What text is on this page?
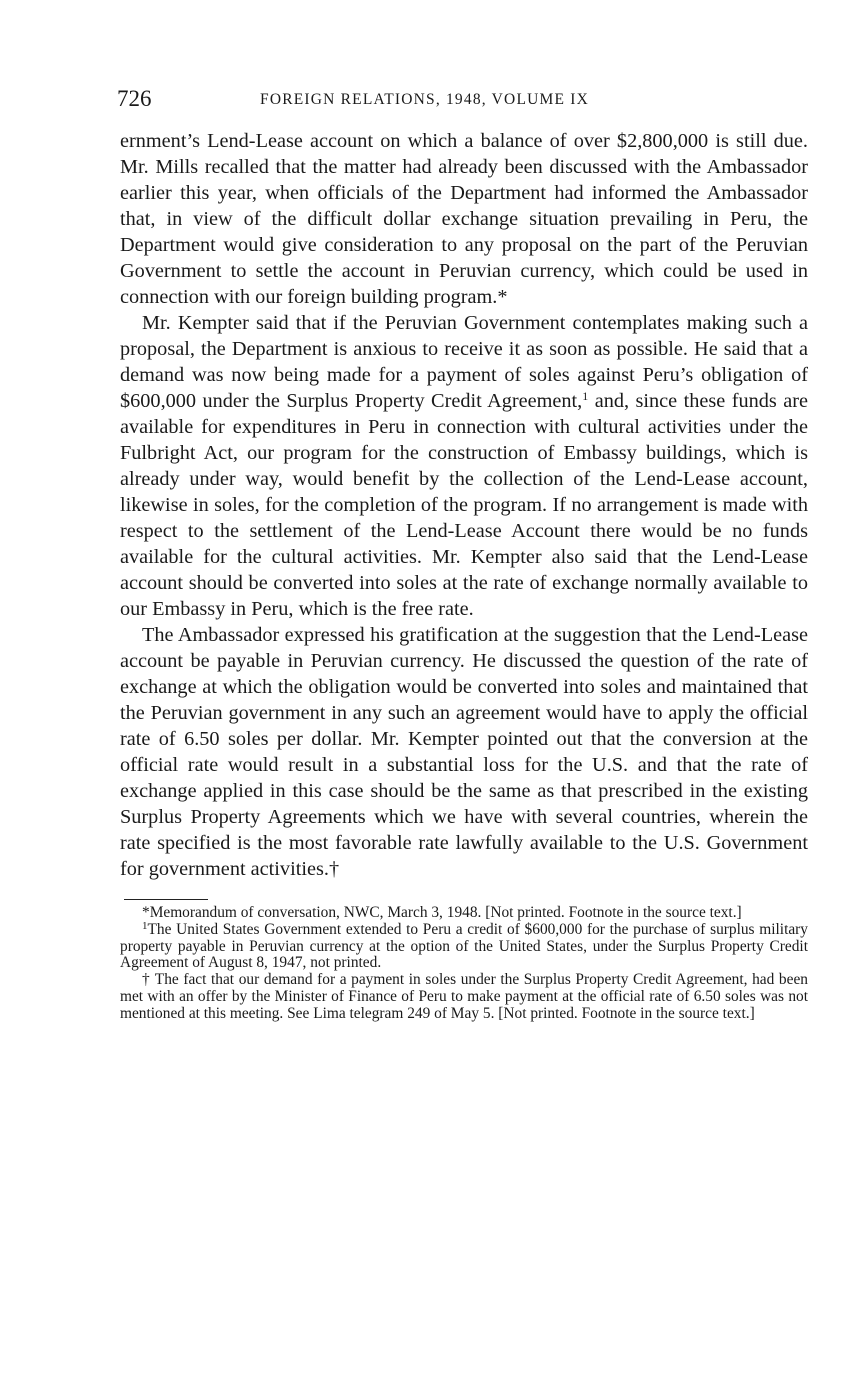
726	FOREIGN RELATIONS, 1948, VOLUME IX

ernment’s Lend-Lease account on which a balance of over $2,800,000 is still due. Mr. Mills recalled that the matter had already been discussed with the Ambassador earlier this year, when officials of the Department had informed the Ambassador that, in view of the difficult dollar exchange situation prevailing in Peru, the Department would give consideration to any proposal on the part of the Peruvian Government to settle the account in Peruvian currency, which could be used in connection with our foreign building program.*

Mr. Kempter said that if the Peruvian Government contemplates making such a proposal, the Department is anxious to receive it as soon as possible. He said that a demand was now being made for a payment of soles against Peru’s obligation of $600,000 under the Surplus Property Credit Agreement,$^1$ and, since these funds are available for expenditures in Peru in connection with cultural activities under the Fulbright Act, our program for the construction of Embassy buildings, which is already under way, would benefit by the collection of the Lend-Lease account, likewise in soles, for the completion of the program. If no arrangement is made with respect to the settlement of the Lend-Lease Account there would be no funds available for the cultural activities. Mr. Kempter also said that the Lend-Lease account should be converted into soles at the rate of exchange normally available to our Embassy in Peru, which is the free rate.

The Ambassador expressed his gratification at the suggestion that the Lend-Lease account be payable in Peruvian currency. He discussed the question of the rate of exchange at which the obligation would be converted into soles and maintained that the Peruvian government in any such an agreement would have to apply the official rate of 6.50 soles per dollar. Mr. Kempter pointed out that the conversion at the official rate would result in a substantial loss for the U.S. and that the rate of exchange applied in this case should be the same as that prescribed in the existing Surplus Property Agreements which we have with several countries, wherein the rate specified is the most favorable rate lawfully available to the U.S. Government for government activities.†

*Memorandum of conversation, NWC, March 3, 1948. [Not printed. Footnote in the source text.]

$^1$The United States Government extended to Peru a credit of $600,000 for the purchase of surplus military property payable in Peruvian currency at the option of the United States, under the Surplus Property Credit Agreement of August 8, 1947, not printed.

† The fact that our demand for a payment in soles under the Surplus Property Credit Agreement, had been met with an offer by the Minister of Finance of Peru to make payment at the official rate of 6.50 soles was not mentioned at this meeting. See Lima telegram 249 of May 5. [Not printed. Footnote in the source text.]
